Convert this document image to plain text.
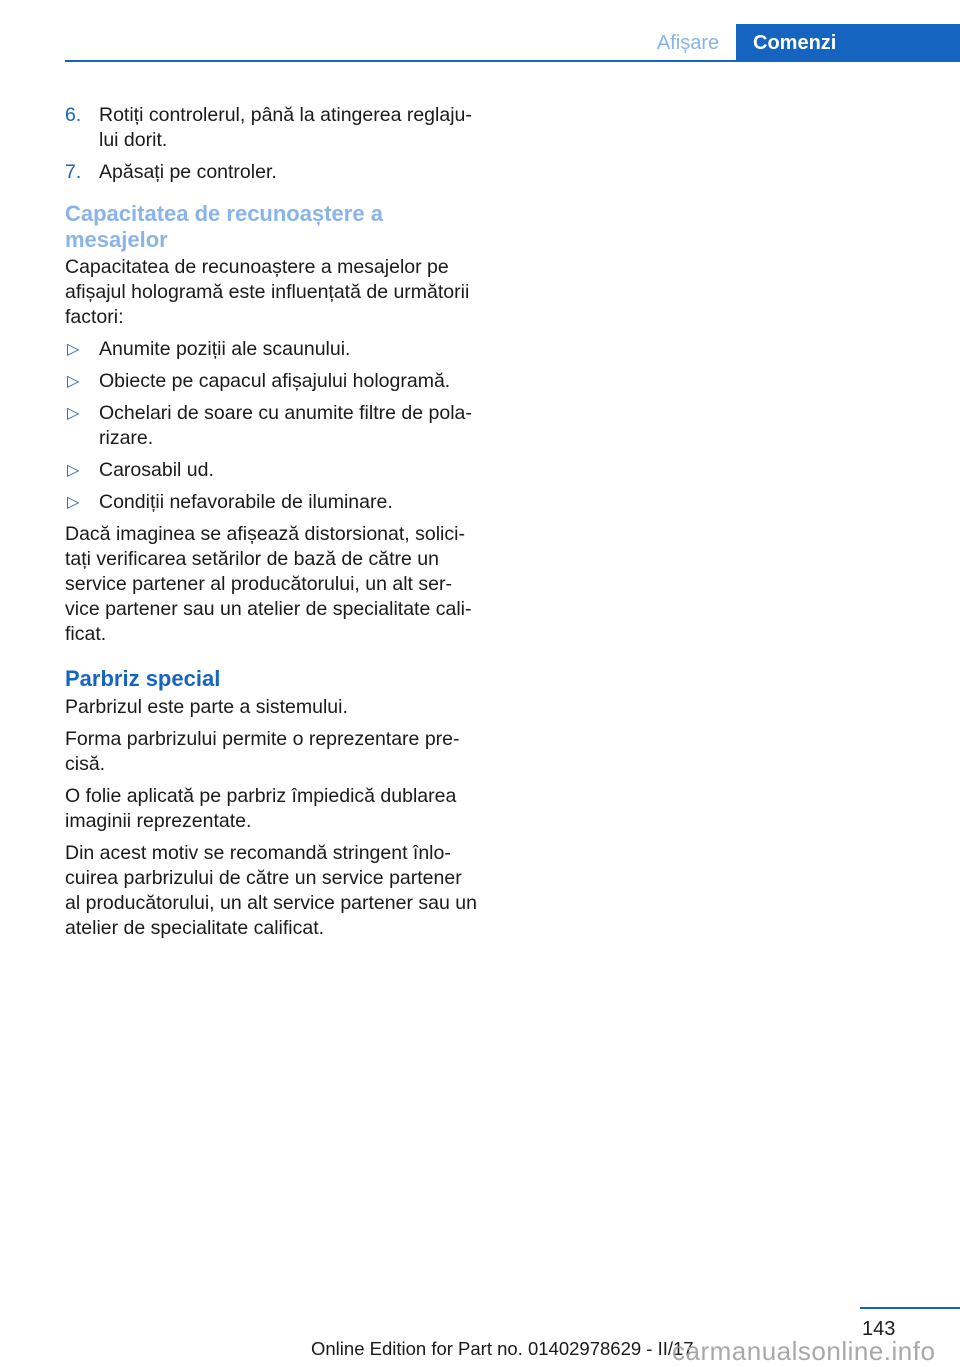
Afișare	Comenzi
6. Rotiți controlerul, până la atingerea reglaju-
lui dorit.
7. Apăsați pe controler.
Capacitatea de recunoaștere a mesajelor

Capacitatea de recunoaștere a mesajelor pe afișajul hologramă este influențată de următorii factori:

▷ Anumite poziții ale scaunului.
▷ Obiecte pe capacul afișajului hologramă.
▷ Ochelari de soare cu anumite filtre de pola-rizare.
▷ Carosabil ud.
▷ Condiții nefavorabile de iluminare.

Dacă imaginea se afișează distorsionat, solici-tați verificarea setărilor de bază de către un service partener al producătorului, un alt ser-vice partener sau un atelier de specialitate cali-ficat.

Parbriz special

Parbrizul este parte a sistemului.

Forma parbrizului permite o reprezentare pre-cisă.

O folie aplicată pe parbriz împiedică dublarea imaginii reprezentate.

Din acest motiv se recomandă stringent înlo-cuirea parbrizului de către un service partener al producătorului, un alt service partener sau un atelier de specialitate calificat.

143
Online Edition for Part no. 01402978629 - II/17
carmanualsonline.info
